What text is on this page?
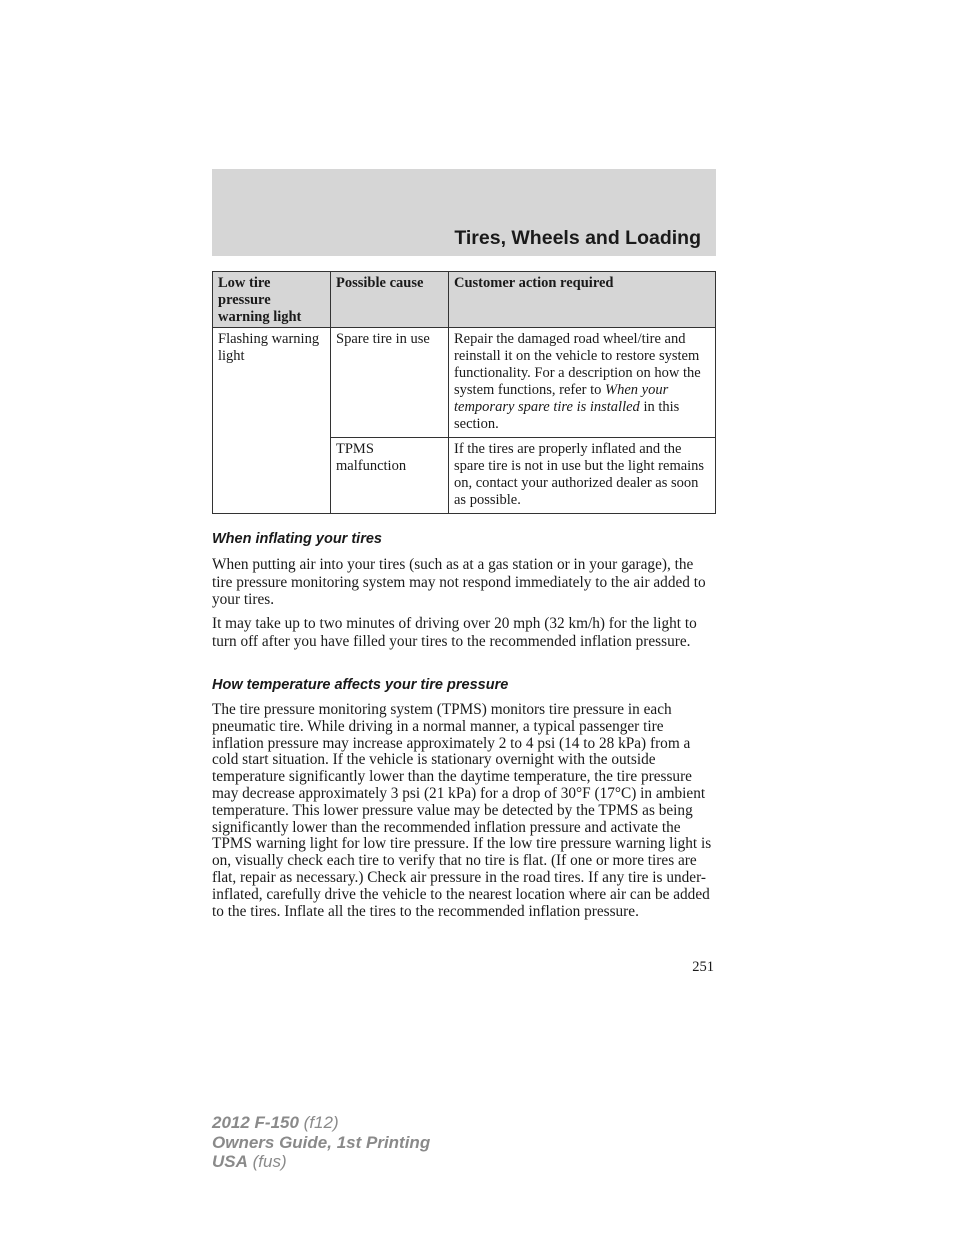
Tires, Wheels and Loading
Low tire pressure warning light	Possible cause	Customer action required
Flashing warning light	Spare tire in use	Repair the damaged road wheel/tire and reinstall it on the vehicle to restore system functionality. For a description on how the system functions, refer to When your temporary spare tire is installed in this section.
	TPMS malfunction	If the tires are properly inflated and the spare tire is not in use but the light remains on, contact your authorized dealer as soon as possible.
When inflating your tires

When putting air into your tires (such as at a gas station or in your garage), the tire pressure monitoring system may not respond immediately to the air added to your tires.

It may take up to two minutes of driving over 20 mph (32 km/h) for the light to turn off after you have filled your tires to the recommended inflation pressure.

How temperature affects your tire pressure

The tire pressure monitoring system (TPMS) monitors tire pressure in each pneumatic tire. While driving in a normal manner, a typical passenger tire inflation pressure may increase approximately 2 to 4 psi (14 to 28 kPa) from a cold start situation. If the vehicle is stationary overnight with the outside temperature significantly lower than the daytime temperature, the tire pressure may decrease approximately 3 psi (21 kPa) for a drop of 30°F (17°C) in ambient temperature. This lower pressure value may be detected by the TPMS as being significantly lower than the recommended inflation pressure and activate the TPMS warning light for low tire pressure. If the low tire pressure warning light is on, visually check each tire to verify that no tire is flat. (If one or more tires are flat, repair as necessary.) Check air pressure in the road tires. If any tire is under-inflated, carefully drive the vehicle to the nearest location where air can be added to the tires. Inflate all the tires to the recommended inflation pressure.

251
2012 F-150 (f12)
Owners Guide, 1st Printing
USA (fus)
